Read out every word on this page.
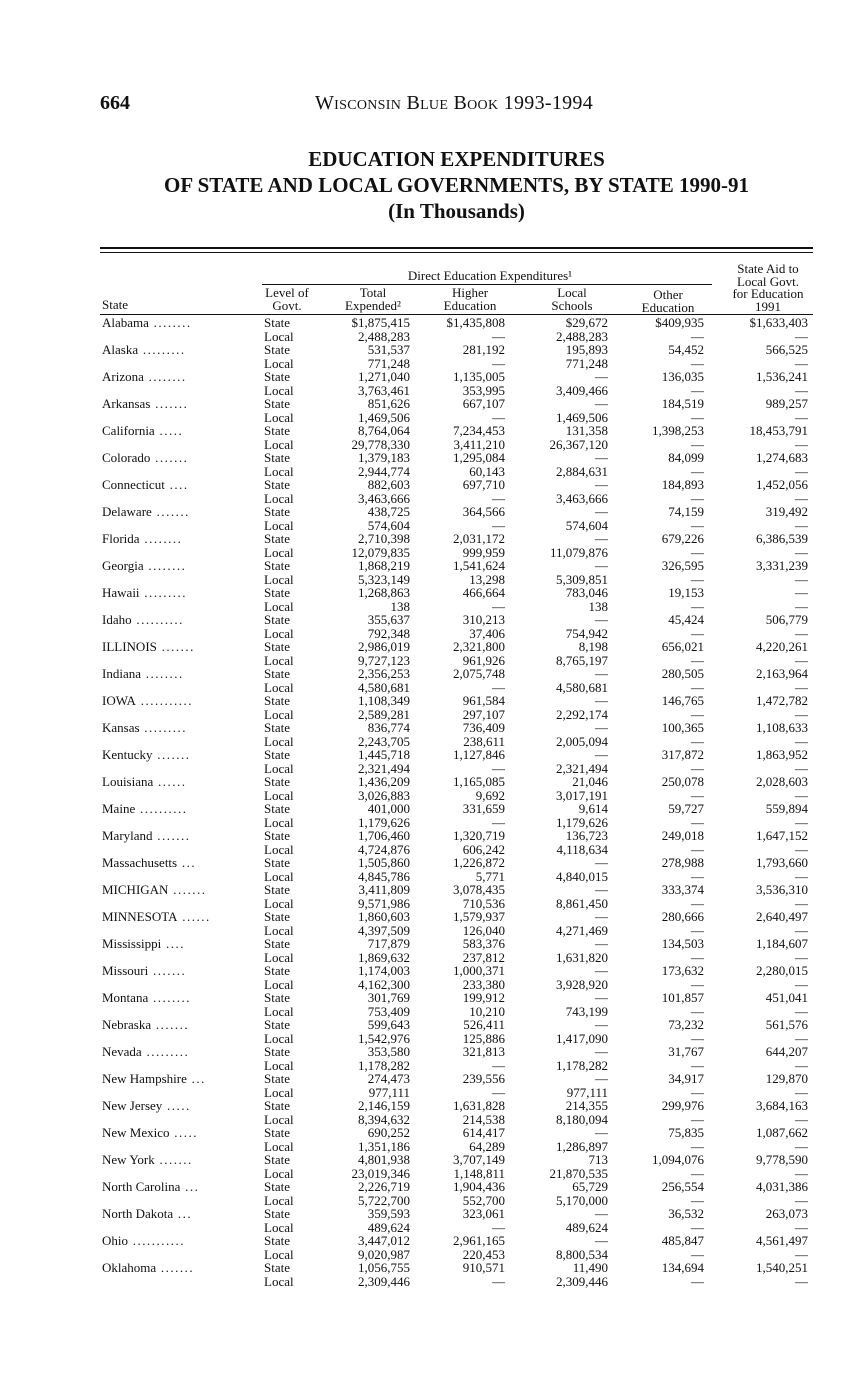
664	Wisconsin Blue Book 1993-1994
EDUCATION EXPENDITURES
OF STATE AND LOCAL GOVERNMENTS, BY STATE 1990-91
(In Thousands)
Direct Education Expenditures¹
State
Level of
Govt.
Total
Expended²
Higher
Education
Local
Schools
Other
Education
State Aid to
Local Govt.
for Education
1991
Alabama ........	State	$1,875,415	$1,435,808	$29,672	$409,935	$1,633,403
Local	2,488,283	—	2,488,283	—	—
Alaska .........	State	531,537	281,192	195,893	54,452	566,525
Local	771,248	—	771,248	—	—
Arizona ........	State	1,271,040	1,135,005	—	136,035	1,536,241
Local	3,763,461	353,995	3,409,466	—	—
Arkansas .......	State	851,626	667,107	—	184,519	989,257
Local	1,469,506	—	1,469,506	—	—
California .....	State	8,764,064	7,234,453	131,358	1,398,253	18,453,791
Local	29,778,330	3,411,210	26,367,120	—	—
Colorado .......	State	1,379,183	1,295,084	—	84,099	1,274,683
Local	2,944,774	60,143	2,884,631	—	—
Connecticut ....	State	882,603	697,710	—	184,893	1,452,056
Local	3,463,666	—	3,463,666	—	—
Delaware .......	State	438,725	364,566	—	74,159	319,492
Local	574,604	—	574,604	—	—
Florida ........	State	2,710,398	2,031,172	—	679,226	6,386,539
Local	12,079,835	999,959	11,079,876	—	—
Georgia ........	State	1,868,219	1,541,624	—	326,595	3,331,239
Local	5,323,149	13,298	5,309,851	—	—
Hawaii .........	State	1,268,863	466,664	783,046	19,153	—
Local	138	—	138	—	—
Idaho ..........	State	355,637	310,213	—	45,424	506,779
Local	792,348	37,406	754,942	—	—
ILLINOIS .......	State	2,986,019	2,321,800	8,198	656,021	4,220,261
Local	9,727,123	961,926	8,765,197	—	—
Indiana ........	State	2,356,253	2,075,748	—	280,505	2,163,964
Local	4,580,681	—	4,580,681	—	—
IOWA ...........	State	1,108,349	961,584	—	146,765	1,472,782
Local	2,589,281	297,107	2,292,174	—	—
Kansas .........	State	836,774	736,409	—	100,365	1,108,633
Local	2,243,705	238,611	2,005,094	—	—
Kentucky .......	State	1,445,718	1,127,846	—	317,872	1,863,952
Local	2,321,494	—	2,321,494	—	—
Louisiana ......	State	1,436,209	1,165,085	21,046	250,078	2,028,603
Local	3,026,883	9,692	3,017,191	—	—
Maine ..........	State	401,000	331,659	9,614	59,727	559,894
Local	1,179,626	—	1,179,626	—	—
Maryland .......	State	1,706,460	1,320,719	136,723	249,018	1,647,152
Local	4,724,876	606,242	4,118,634	—	—
Massachusetts ...	State	1,505,860	1,226,872	—	278,988	1,793,660
Local	4,845,786	5,771	4,840,015	—	—
MICHIGAN .......	State	3,411,809	3,078,435	—	333,374	3,536,310
Local	9,571,986	710,536	8,861,450	—	—
MINNESOTA ......	State	1,860,603	1,579,937	—	280,666	2,640,497
Local	4,397,509	126,040	4,271,469	—	—
Mississippi ....	State	717,879	583,376	—	134,503	1,184,607
Local	1,869,632	237,812	1,631,820	—	—
Missouri .......	State	1,174,003	1,000,371	—	173,632	2,280,015
Local	4,162,300	233,380	3,928,920	—	—
Montana ........	State	301,769	199,912	—	101,857	451,041
Local	753,409	10,210	743,199	—	—
Nebraska .......	State	599,643	526,411	—	73,232	561,576
Local	1,542,976	125,886	1,417,090	—	—
Nevada .........	State	353,580	321,813	—	31,767	644,207
Local	1,178,282	—	1,178,282	—	—
New Hampshire ...	State	274,473	239,556	—	34,917	129,870
Local	977,111	—	977,111	—	—
New Jersey .....	State	2,146,159	1,631,828	214,355	299,976	3,684,163
Local	8,394,632	214,538	8,180,094	—	—
New Mexico .....	State	690,252	614,417	—	75,835	1,087,662
Local	1,351,186	64,289	1,286,897	—	—
New York .......	State	4,801,938	3,707,149	713	1,094,076	9,778,590
Local	23,019,346	1,148,811	21,870,535	—	—
North Carolina ...	State	2,226,719	1,904,436	65,729	256,554	4,031,386
Local	5,722,700	552,700	5,170,000	—	—
North Dakota ...	State	359,593	323,061	—	36,532	263,073
Local	489,624	—	489,624	—	—
Ohio ...........	State	3,447,012	2,961,165	—	485,847	4,561,497
Local	9,020,987	220,453	8,800,534	—	—
Oklahoma .......	State	1,056,755	910,571	11,490	134,694	1,540,251
Local	2,309,446	—	2,309,446	—	—
